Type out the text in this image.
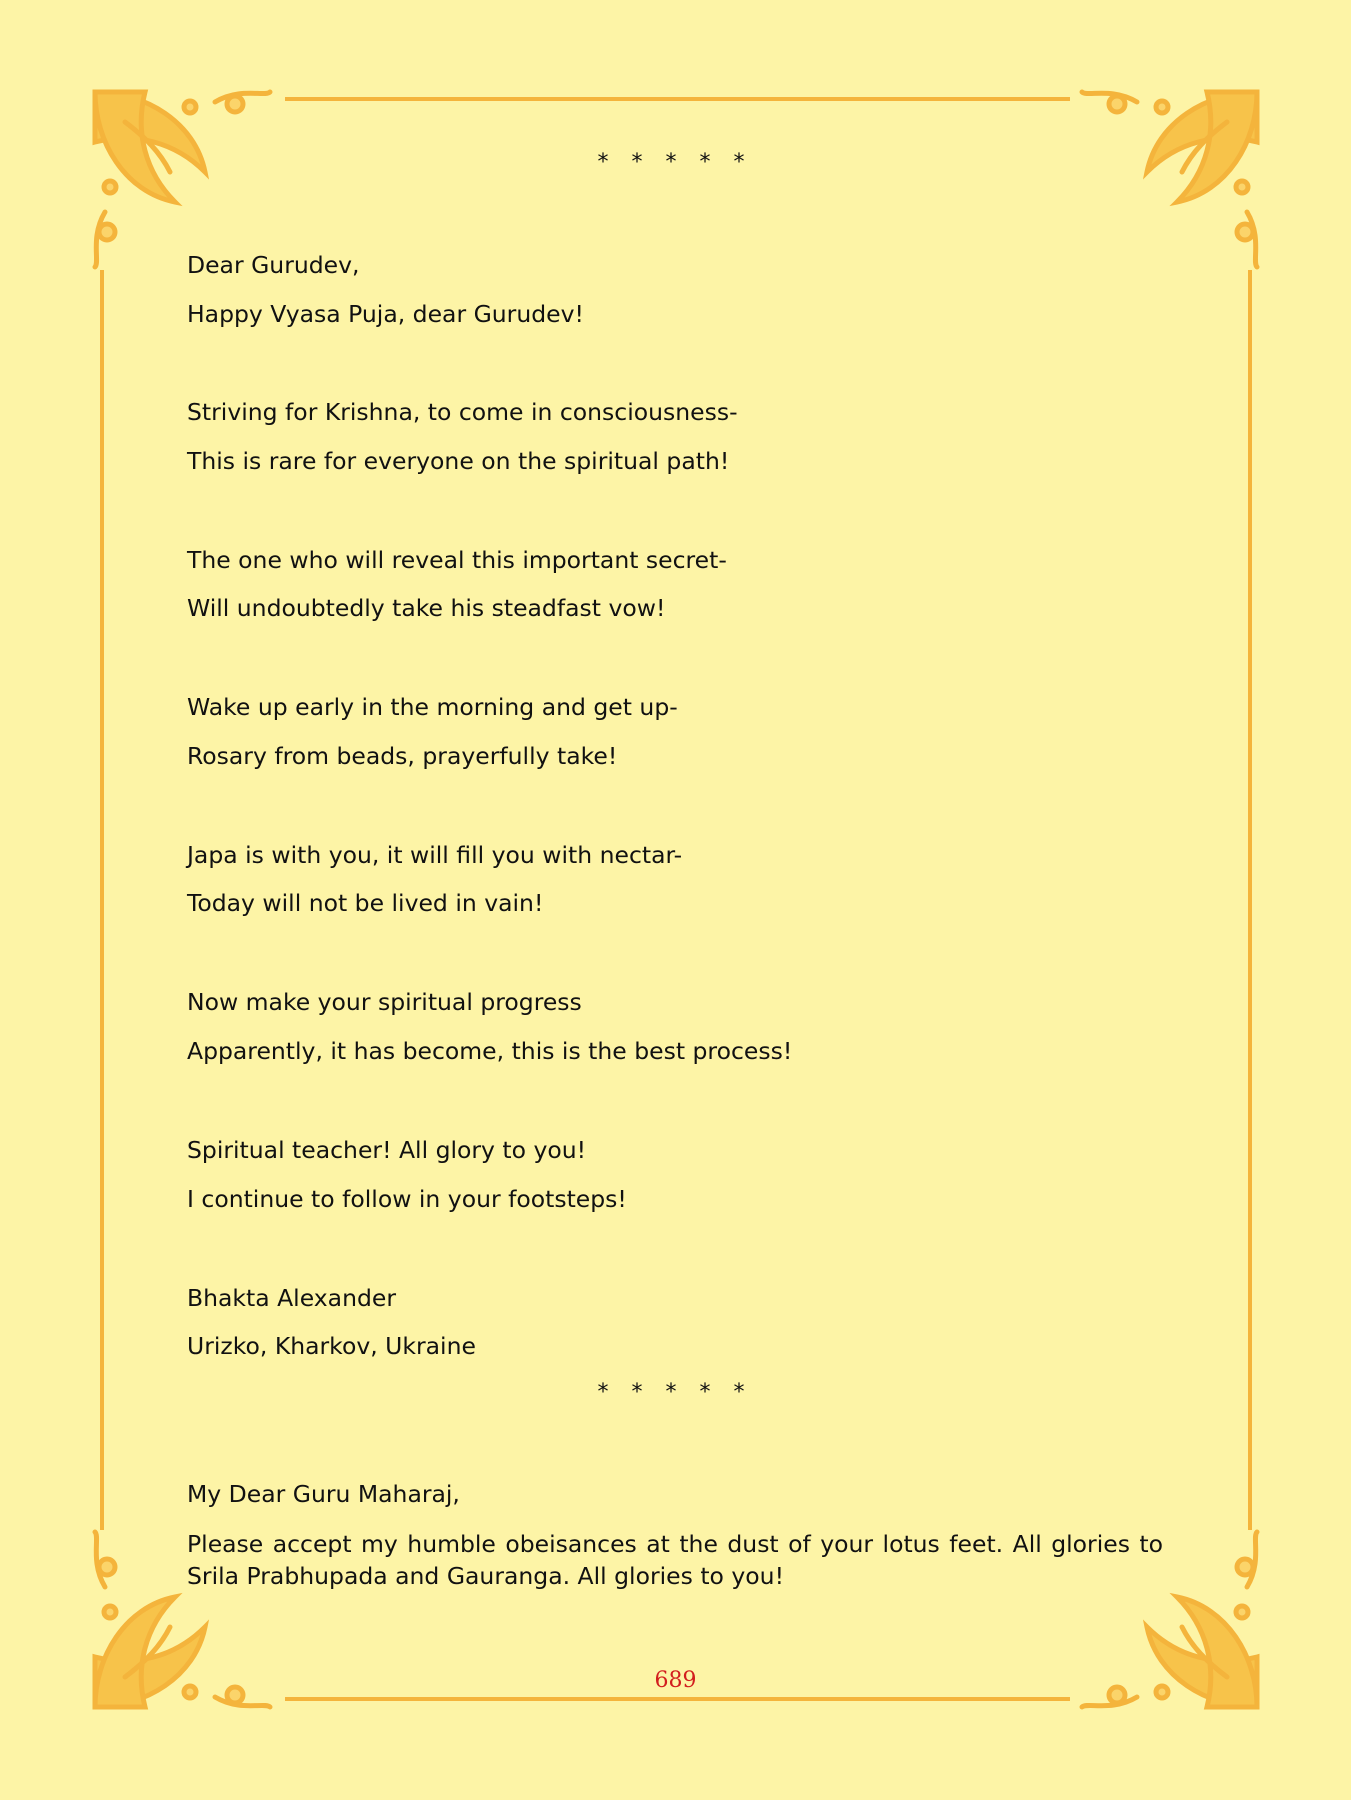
* * * * *
Dear Gurudev,
Happy Vyasa Puja, dear Gurudev!
Striving for Krishna, to come in consciousness-
This is rare for everyone on the spiritual path!
The one who will reveal this important secret-
Will undoubtedly take his steadfast vow!
Wake up early in the morning and get up-
Rosary from beads, prayerfully take!
Japa is with you, it will fill you with nectar-
Today will not be lived in vain!
Now make your spiritual progress
Apparently, it has become, this is the best process!
Spiritual teacher! All glory to you!
I continue to follow in your footsteps!
Bhakta Alexander
Urizko, Kharkov, Ukraine
* * * * *
My Dear Guru Maharaj,
Please accept my humble obeisances at the dust of your lotus feet. All glories to Srila Prabhupada and Gauranga. All glories to you!
689
